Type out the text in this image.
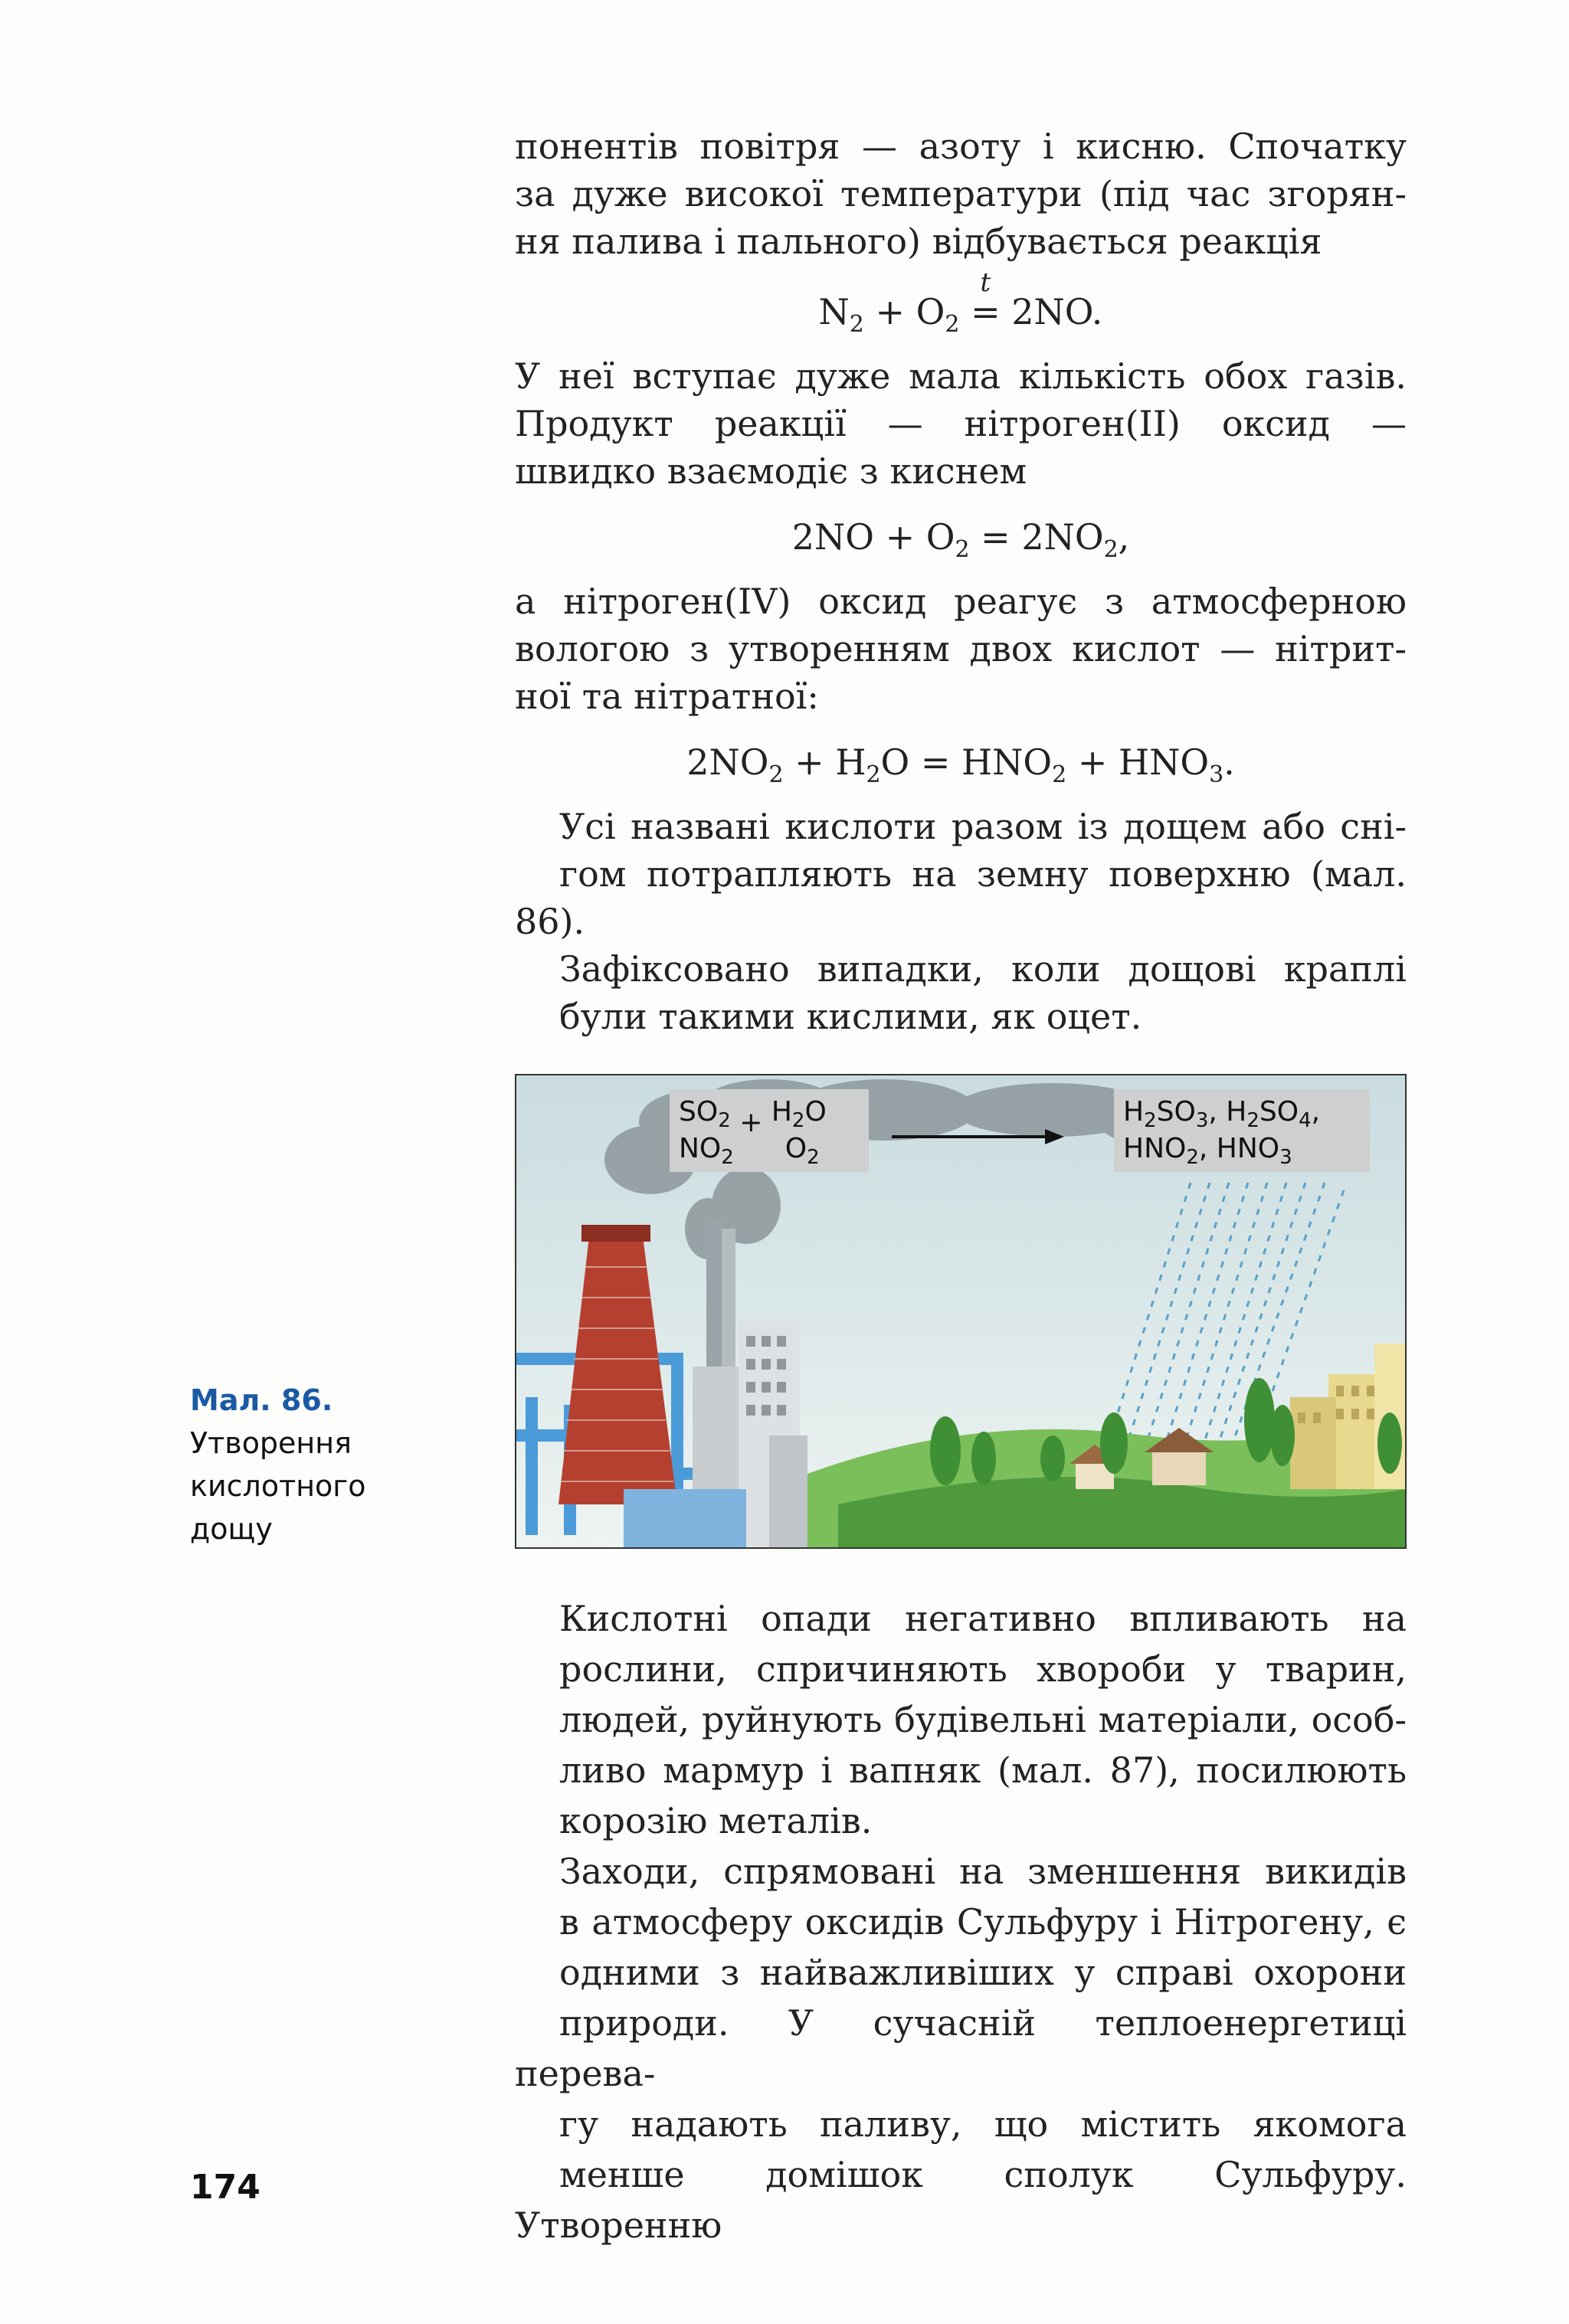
понентів повітря — азоту і кисню. Спочатку
за дуже високої температури (під час згорян-
ня палива і пального) відбувається реакція

$N_2 + O_2$
t
= 2NO.

У неї вступає дуже мала кількість обох газів.
Продукт реакції — нітроген(II) оксид —
швидко взаємодіє з киснем

$2NO + O_2 = 2NO_2$,

а нітроген(IV) оксид реагує з атмосферною
вологою з утворенням двох кислот — нітрит-
ної та нітратної:

$2NO_2 + H_2O = HNO_2 + HNO_3$.

Усі названі кислоти разом із дощем або сні-

гом потрапляють на земну поверхню (мал. 86).
Зафіксовано випадки, коли дощові краплі
були такими кислими, як оцет.

$SO_2 + H_2O$
$NO_2$ $O_2$
$H_2SO_3$, $H_2SO_4$,
$HNO_2$, $HNO_3$
Мал. 86.
Утворення
кислотного
дощу

Кислотні опади негативно впливають на

рослини, спричиняють хвороби у тварин,
людей, руйнують будівельні матеріали, особ-
ливо мармур і вапняк (мал. 87), посилюють
корозію металів.

Заходи, спрямовані на зменшення викидів

в атмосферу оксидів Сульфуру і Нітрогену, є
одними з найважливіших у справі охорони
природи. У сучасній теплоенергетиці перева-
гу надають паливу, що містить якомога
менше домішок сполук Сульфуру. Утворенню

174
